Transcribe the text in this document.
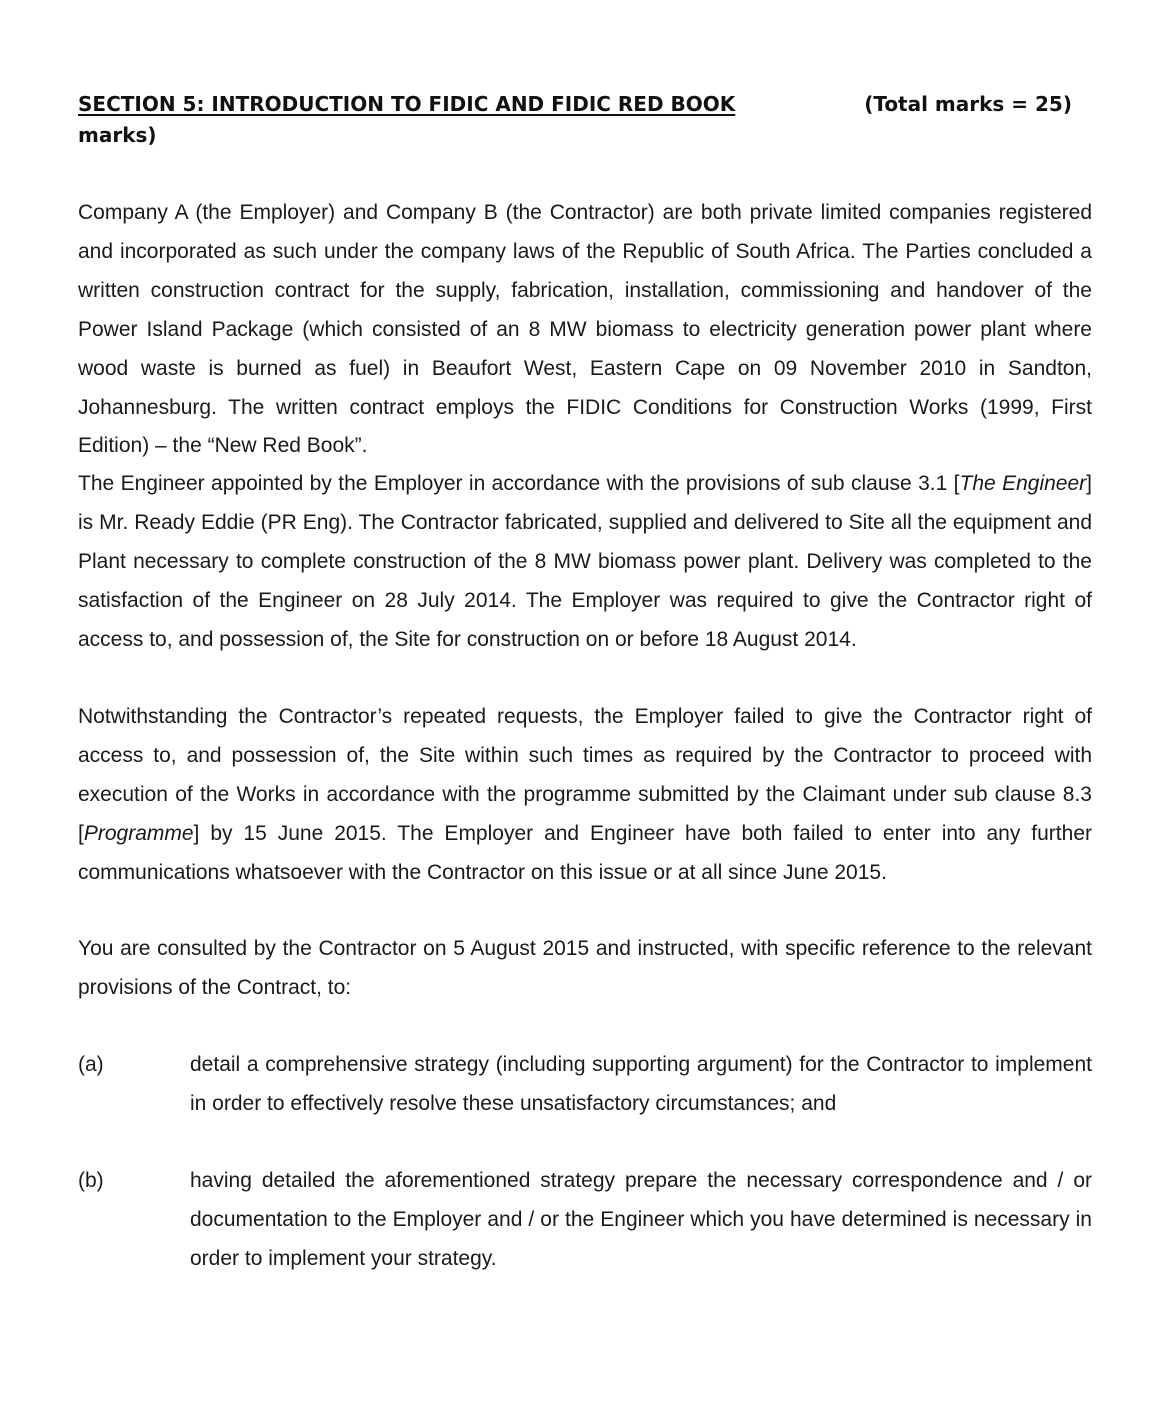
SECTION 5: INTRODUCTION TO FIDIC AND FIDIC RED BOOK	(Total marks = 25)
marks)

Company A (the Employer) and Company B (the Contractor) are both private limited companies registered and incorporated as such under the company laws of the Republic of South Africa. The Parties concluded a written construction contract for the supply, fabrication, installation, commissioning and handover of the Power Island Package (which consisted of an 8 MW biomass to electricity generation power plant where wood waste is burned as fuel) in Beaufort West, Eastern Cape on 09 November 2010 in Sandton, Johannesburg. The written contract employs the FIDIC Conditions for Construction Works (1999, First Edition) – the “New Red Book”.

The Engineer appointed by the Employer in accordance with the provisions of sub clause 3.1 [The Engineer] is Mr. Ready Eddie (PR Eng). The Contractor fabricated, supplied and delivered to Site all the equipment and Plant necessary to complete construction of the 8 MW biomass power plant. Delivery was completed to the satisfaction of the Engineer on 28 July 2014. The Employer was required to give the Contractor right of access to, and possession of, the Site for construction on or before 18 August 2014.

Notwithstanding the Contractor’s repeated requests, the Employer failed to give the Contractor right of access to, and possession of, the Site within such times as required by the Contractor to proceed with execution of the Works in accordance with the programme submitted by the Claimant under sub clause 8.3 [Programme] by 15 June 2015. The Employer and Engineer have both failed to enter into any further communications whatsoever with the Contractor on this issue or at all since June 2015.

You are consulted by the Contractor on 5 August 2015 and instructed, with specific reference to the relevant provisions of the Contract, to:

(a)	detail a comprehensive strategy (including supporting argument) for the Contractor to implement in order to effectively resolve these unsatisfactory circumstances; and

(b)	having detailed the aforementioned strategy prepare the necessary correspondence and / or documentation to the Employer and / or the Engineer which you have determined is necessary in order to implement your strategy.
